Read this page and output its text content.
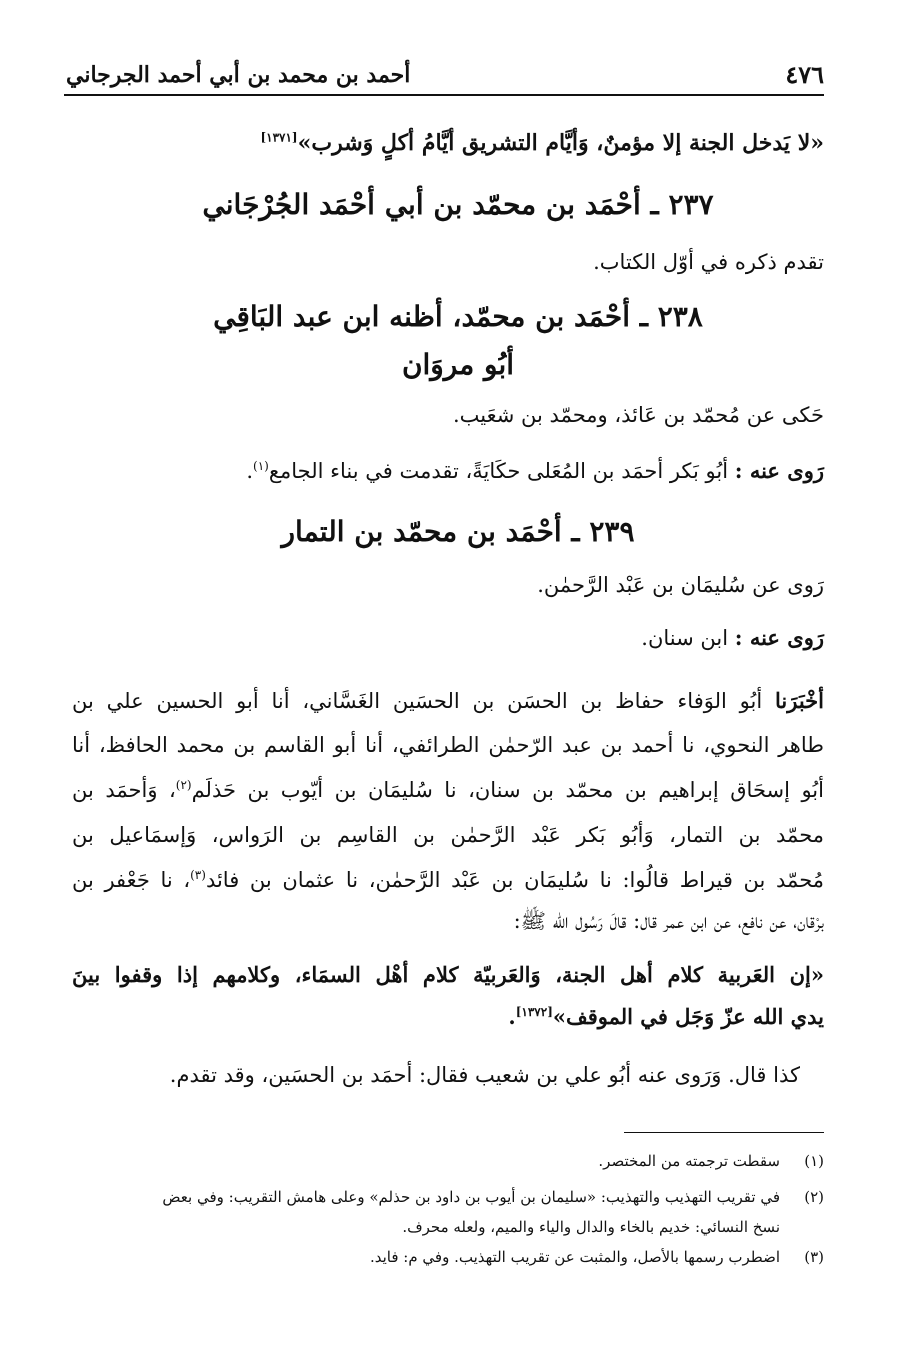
٤٧٦
أحمد بن محمد بن أبي أحمد الجرجاني
«لا يَدخل الجنة إلا مؤمنٌ، وَأيَّام التشريق أيَّامُ أكلٍ وَشرب»[١٣٧١]
٢٣٧ ـ أحْمَد بن محمّد بن أبي أحْمَد الجُرْجَاني
تقدم ذكره في أوّل الكتاب.
٢٣٨ ـ أحْمَد بن محمّد، أظنه ابن عبد البَاقِي
أبُو مروَان
حَكى عن مُحمّد بن عَائذ، ومحمّد بن شعَيب.
رَوى عنه : أبُو بَكر أحمَد بن المُعَلى حكَايَةً، تقدمت في بناء الجامع$^{(١)}$.
٢٣٩ ـ أحْمَد بن محمّد بن التمار
رَوى عن سُليمَان بن عَبْد الرَّحمٰن.
رَوى عنه : ابن سنان.
أخْبَرَنا أبُو الوَفاء حفاظ بن الحسَن بن الحسَين الغَسَّاني، أنا أبو الحسين علي بن
طاهر النحوي، نا أحمد بن عبد الرّحمٰن الطرائفي، أنا أبو القاسم بن محمد الحافظ، أنا
أبُو إسحَاق إبراهيم بن محمّد بن سنان، نا سُليمَان بن أيّوب بن حَذلَم$^{(٢)}$، وَأحمَد بن
محمّد بن التمار، وَأبُو بَكر عَبْد الرَّحمٰن بن القاسِم بن الرَواس، وَإسمَاعيل بن
مُحمّد بن قيراط قالُوا: نا سُليمَان بن عَبْد الرَّحمٰن، نا عثمان بن فائد$^{(٣)}$، نا جَعْفر بن
برْقان، عن نافع، عن ابن عمر قال: قالَ رَسُول الله ﷺ:
«إن العَربية كلام أهل الجنة، وَالعَربيّة كلام أهْل السمَاء، وكلامهم إذا وقفوا بينَ
يدي الله عزّ وَجَل في الموقف»[١٣٧٢].
كذا قال. وَرَوى عنه أبُو علي بن شعيب فقال: أحمَد بن الحسَين، وقد تقدم.
(١)سقطت ترجمته من المختصر.
(٢)في تقريب التهذيب والتهذيب: «سليمان بن أيوب بن داود بن حذلم» وعلى هامش التقريب: وفي بعض
نسخ النسائي: خديم بالخاء والدال والياء والميم، ولعله محرف.
(٣)اضطرب رسمها بالأصل، والمثبت عن تقريب التهذيب. وفي م: فايد.
